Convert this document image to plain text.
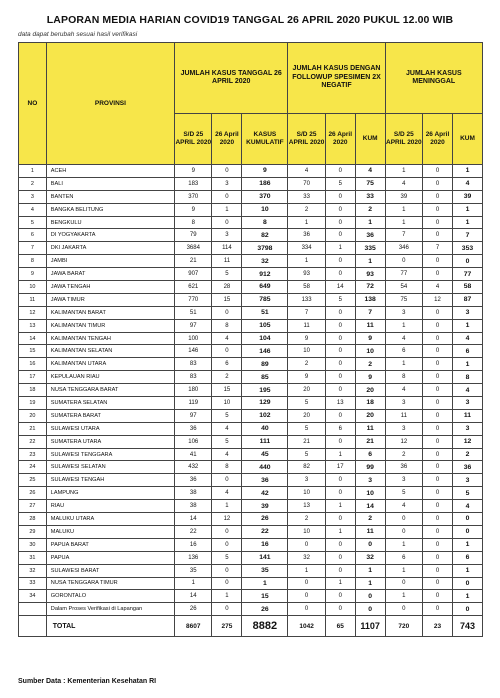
LAPORAN MEDIA HARIAN COVID19 TANGGAL 26 APRIL 2020 PUKUL 12.00 WIB
data dapat berubah sesuai hasil verifikasi
NO	PROVINSI	JUMLAH KASUS TANGGAL 26 APRIL 2020			JUMLAH KASUS DENGAN FOLLOWUP SPESIMEN 2X NEGATIF			JUMLAH KASUS MENINGGAL		
		S/D 25 APRIL 2020	26 April 2020	KASUS KUMULATIF	S/D 25 APRIL 2020	26 April 2020	KUM	S/D 25 APRIL 2020	26 April 2020	KUM
1	ACEH	9	0	9	4	0	4	1	0	1
2	BALI	183	3	186	70	5	75	4	0	4
3	BANTEN	370	0	370	33	0	33	39	0	39
4	BANGKA BELITUNG	9	1	10	2	0	2	1	0	1
5	BENGKULU	8	0	8	1	0	1	1	0	1
6	DI YOGYAKARTA	79	3	82	36	0	36	7	0	7
7	DKI JAKARTA	3684	114	3798	334	1	335	346	7	353
8	JAMBI	21	11	32	1	0	1	0	0	0
9	JAWA BARAT	907	5	912	93	0	93	77	0	77
10	JAWA TENGAH	621	28	649	58	14	72	54	4	58
11	JAWA TIMUR	770	15	785	133	5	138	75	12	87
12	KALIMANTAN BARAT	51	0	51	7	0	7	3	0	3
13	KALIMANTAN TIMUR	97	8	105	11	0	11	1	0	1
14	KALIMANTAN TENGAH	100	4	104	9	0	9	4	0	4
15	KALIMANTAN SELATAN	146	0	146	10	0	10	6	0	6
16	KALIMANTAN UTARA	83	6	89	2	0	2	1	0	1
17	KEPULAUAN RIAU	83	2	85	9	0	9	8	0	8
18	NUSA TENGGARA BARAT	180	15	195	20	0	20	4	0	4
19	SUMATERA SELATAN	119	10	129	5	13	18	3	0	3
20	SUMATERA BARAT	97	5	102	20	0	20	11	0	11
21	SULAWESI UTARA	36	4	40	5	6	11	3	0	3
22	SUMATERA UTARA	106	5	111	21	0	21	12	0	12
23	SULAWESI TENGGARA	41	4	45	5	1	6	2	0	2
24	SULAWESI SELATAN	432	8	440	82	17	99	36	0	36
25	SULAWESI TENGAH	36	0	36	3	0	3	3	0	3
26	LAMPUNG	38	4	42	10	0	10	5	0	5
27	RIAU	38	1	39	13	1	14	4	0	4
28	MALUKU UTARA	14	12	26	2	0	2	0	0	0
29	MALUKU	22	0	22	10	1	11	0	0	0
30	PAPUA BARAT	16	0	16	0	0	0	1	0	1
31	PAPUA	136	5	141	32	0	32	6	0	6
32	SULAWESI BARAT	35	0	35	1	0	1	1	0	1
33	NUSA TENGGARA TIMUR	1	0	1	0	1	1	0	0	0
34	GORONTALO	14	1	15	0	0	0	1	0	1
	Dalam Proses Verifikasi di Lapangan	26	0	26	0	0	0	0	0	0
	TOTAL	8607	275	8882	1042	65	1107	720	23	743
Sumber Data : Kementerian Kesehatan RI
